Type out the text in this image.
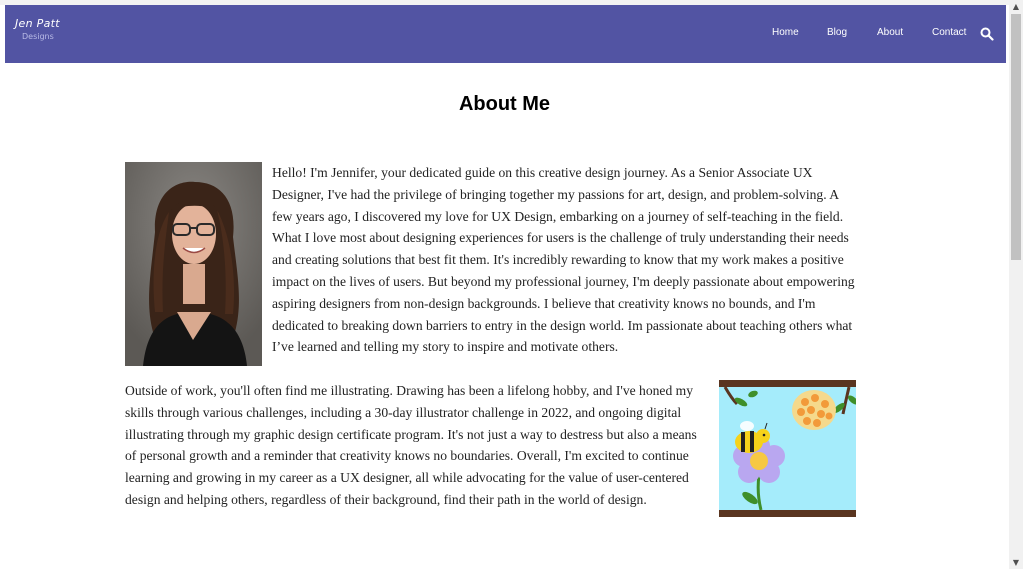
Jen Patt
Designs	Home	Blog	About	Contact
About Me

Hello! I'm Jennifer, your dedicated guide on this creative design journey. As a Senior Associate UX Designer, I've had the privilege of bringing together my passions for art, design, and problem-solving. A few years ago, I discovered my love for UX Design, embarking on a journey of self-teaching in the field. What I love most about designing experiences for users is the challenge of truly understanding their needs and creating solutions that best fit them. It's incredibly rewarding to know that my work makes a positive impact on the lives of users. But beyond my professional journey, I'm deeply passionate about empowering aspiring designers from non-design backgrounds. I believe that creativity knows no bounds, and I'm dedicated to breaking down barriers to entry in the design world. Im passionate about teaching others what I’ve learned and telling my story to inspire and motivate others.

Outside of work, you'll often find me illustrating. Drawing has been a lifelong hobby, and I've honed my skills through various challenges, including a 30-day illustrator challenge in 2022, and ongoing digital illustrating through my graphic design certificate program. It's not just a way to destress but also a means of personal growth and a reminder that creativity knows no boundaries. Overall, I'm excited to continue learning and growing in my career as a UX designer, all while advocating for the value of user-centered design and helping others, regardless of their background, find their path in the world of design.

▲
▼
